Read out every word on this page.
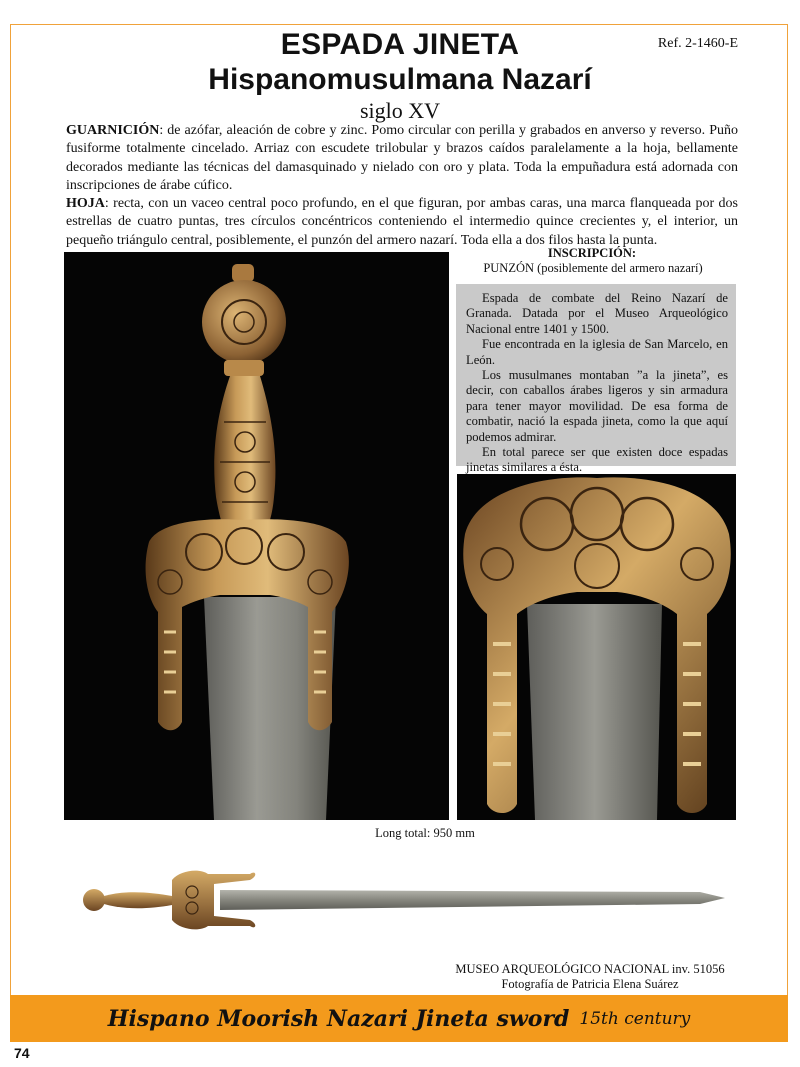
ESPADA JINETA
Hispanomusulmana Nazarí
siglo XV
Ref. 2-1460-E

GUARNICIÓN: de azófar, aleación de cobre y zinc. Pomo circular con perilla y grabados en anverso y reverso. Puño fusiforme totalmente cincelado. Arriaz con escudete trilobular y brazos caídos paralelamente a la hoja, bellamente decorados mediante las técnicas del damasquinado y nielado con oro y plata. Toda la empuñadura está adornada con inscripciones de árabe cúfico.

HOJA: recta, con un vaceo central poco profundo, en el que figuran, por ambas caras, una marca flanqueada por dos estrellas de cuatro puntas, tres círculos concéntricos conteniendo el intermedio quince crecientes y, el interior, un pequeño triángulo central, posiblemente, el punzón del armero nazarí. Toda ella a dos filos hasta la punta.

INSCRIPCIÓN:
PUNZÓN (posiblemente del armero nazarí)

Espada de combate del Reino Nazarí de Granada. Datada por el Museo Arqueológico Nacional entre 1401 y 1500.

Fue encontrada en la iglesia de San Marcelo, en León.

Los musulmanes montaban ”a la jineta”, es decir, con caballos árabes ligeros y sin armadura para tener mayor movilidad. De esa forma de combatir, nació la espada jineta, como la que aquí podemos admirar.

En total parece ser que existen doce espadas jinetas similares a ésta.

Long total: 950 mm
MUSEO ARQUEOLÓGICO NACIONAL inv. 51056
Fotografía de Patricia Elena Suárez
Hispano Moorish Nazari Jineta sword 15th century
74
